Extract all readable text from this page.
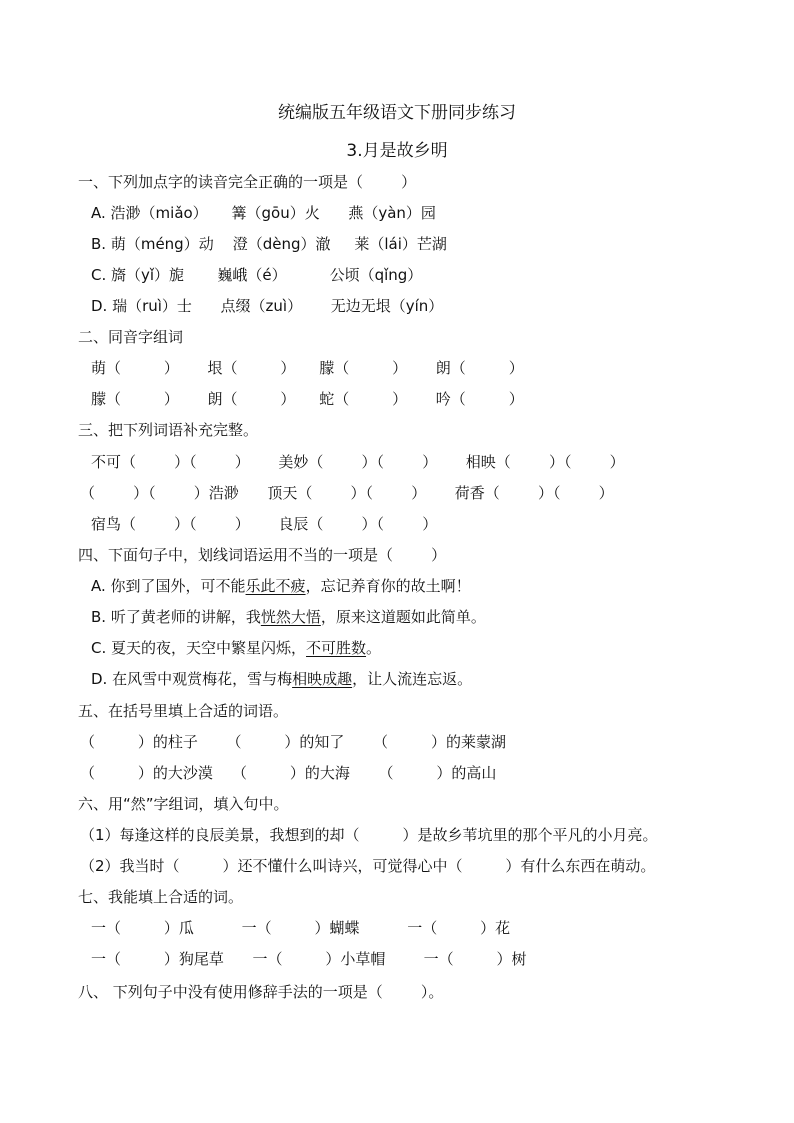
统编版五年级语文下册同步练习
3.月是故乡明
一、下列加点字的读音完全正确的一项是（        ）
A. 浩渺（miǎo）     篝（gōu）火      燕（yàn）园
B. 萌（méng）动    澄（dèng）澈     莱（lái）芒湖
C. 旖（yǐ）旎       巍峨（é）         公顷（qǐng）
D. 瑞（ruì）士      点缀（zuì）      无边无垠（yín）
二、同音字组词
萌（         ）      垠（         ）     朦（         ）      朗（         ）
朦（         ）      朗（         ）     蛇（         ）      吟（         ）
三、把下列词语补充完整。
不可（        ）（        ）      美妙（        ）（        ）      相映（        ）（        ）
（        ）（        ）浩渺      顶天（        ）（        ）      荷香（        ）（        ）
宿鸟（        ）（        ）      良辰（        ）（        ）
四、下面句子中，划线词语运用不当的一项是（        ）
A. 你到了国外，可不能乐此不疲，忘记养育你的故土啊！
B. 听了黄老师的讲解，我恍然大悟，原来这道题如此简单。
C. 夏天的夜，天空中繁星闪烁，不可胜数。
D. 在风雪中观赏梅花，雪与梅相映成趣，让人流连忘返。
五、在括号里填上合适的词语。
（         ）的柱子      （         ）的知了      （         ）的莱蒙湖
（         ）的大沙漠    （         ）的大海      （         ）的高山
六、用“然”字组词，填入句中。
（1）每逢这样的良辰美景，我想到的却（         ）是故乡苇坑里的那个平凡的小月亮。
（2）我当时（         ）还不懂什么叫诗兴，可觉得心中（         ）有什么东西在萌动。
七、我能填上合适的词。
一（         ）瓜          一（         ）蝴蝶          一（         ）花
一（         ）狗尾草      一（         ）小草帽        一（         ）树
八、 下列句子中没有使用修辞手法的一项是（        ）。
